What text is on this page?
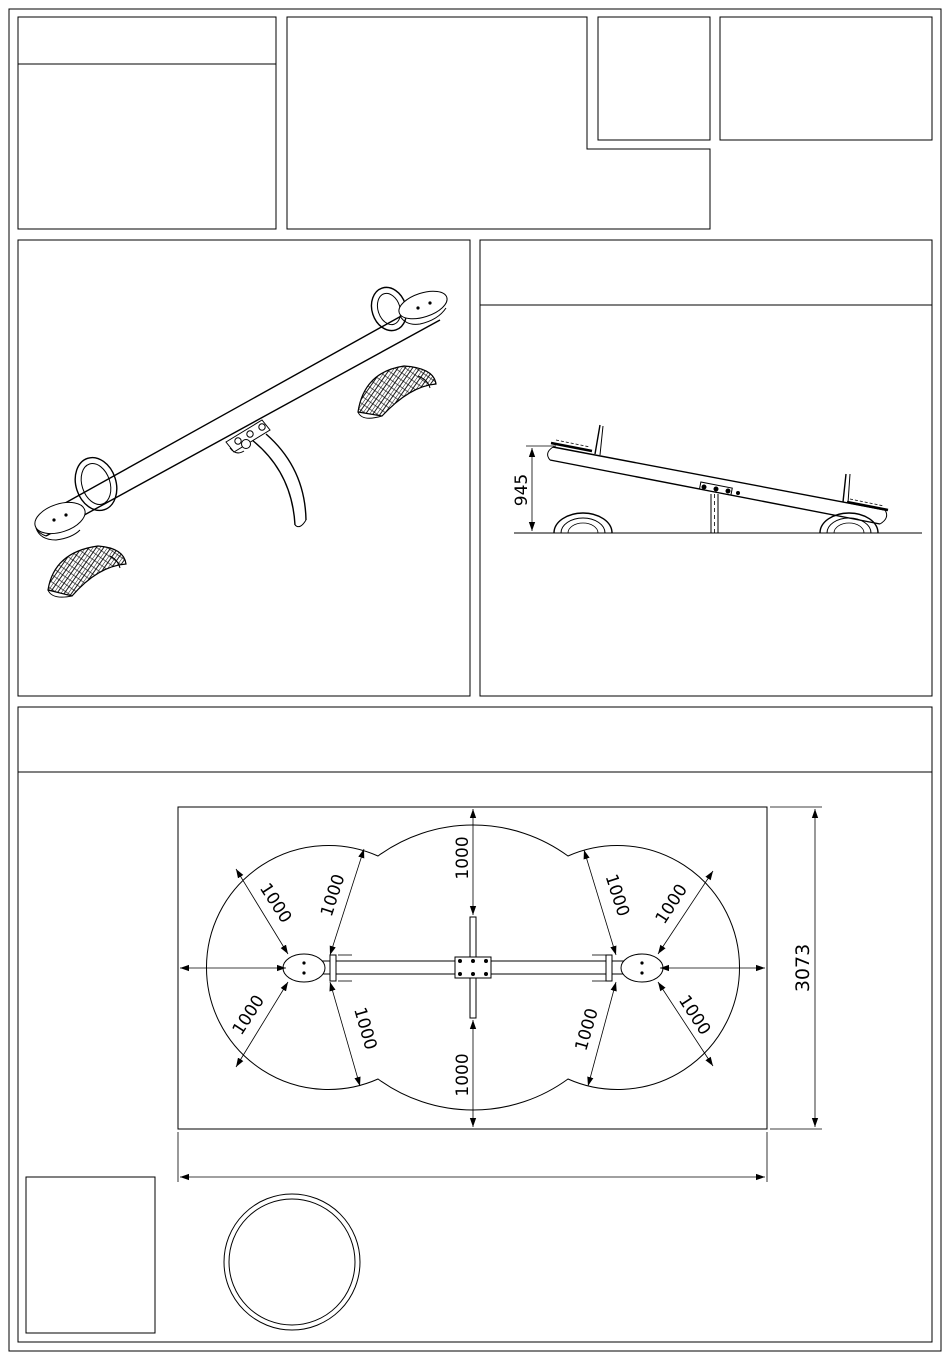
945
1000 1000
1000	1000
1000
1000
1000 1000
1000	1000
3073
